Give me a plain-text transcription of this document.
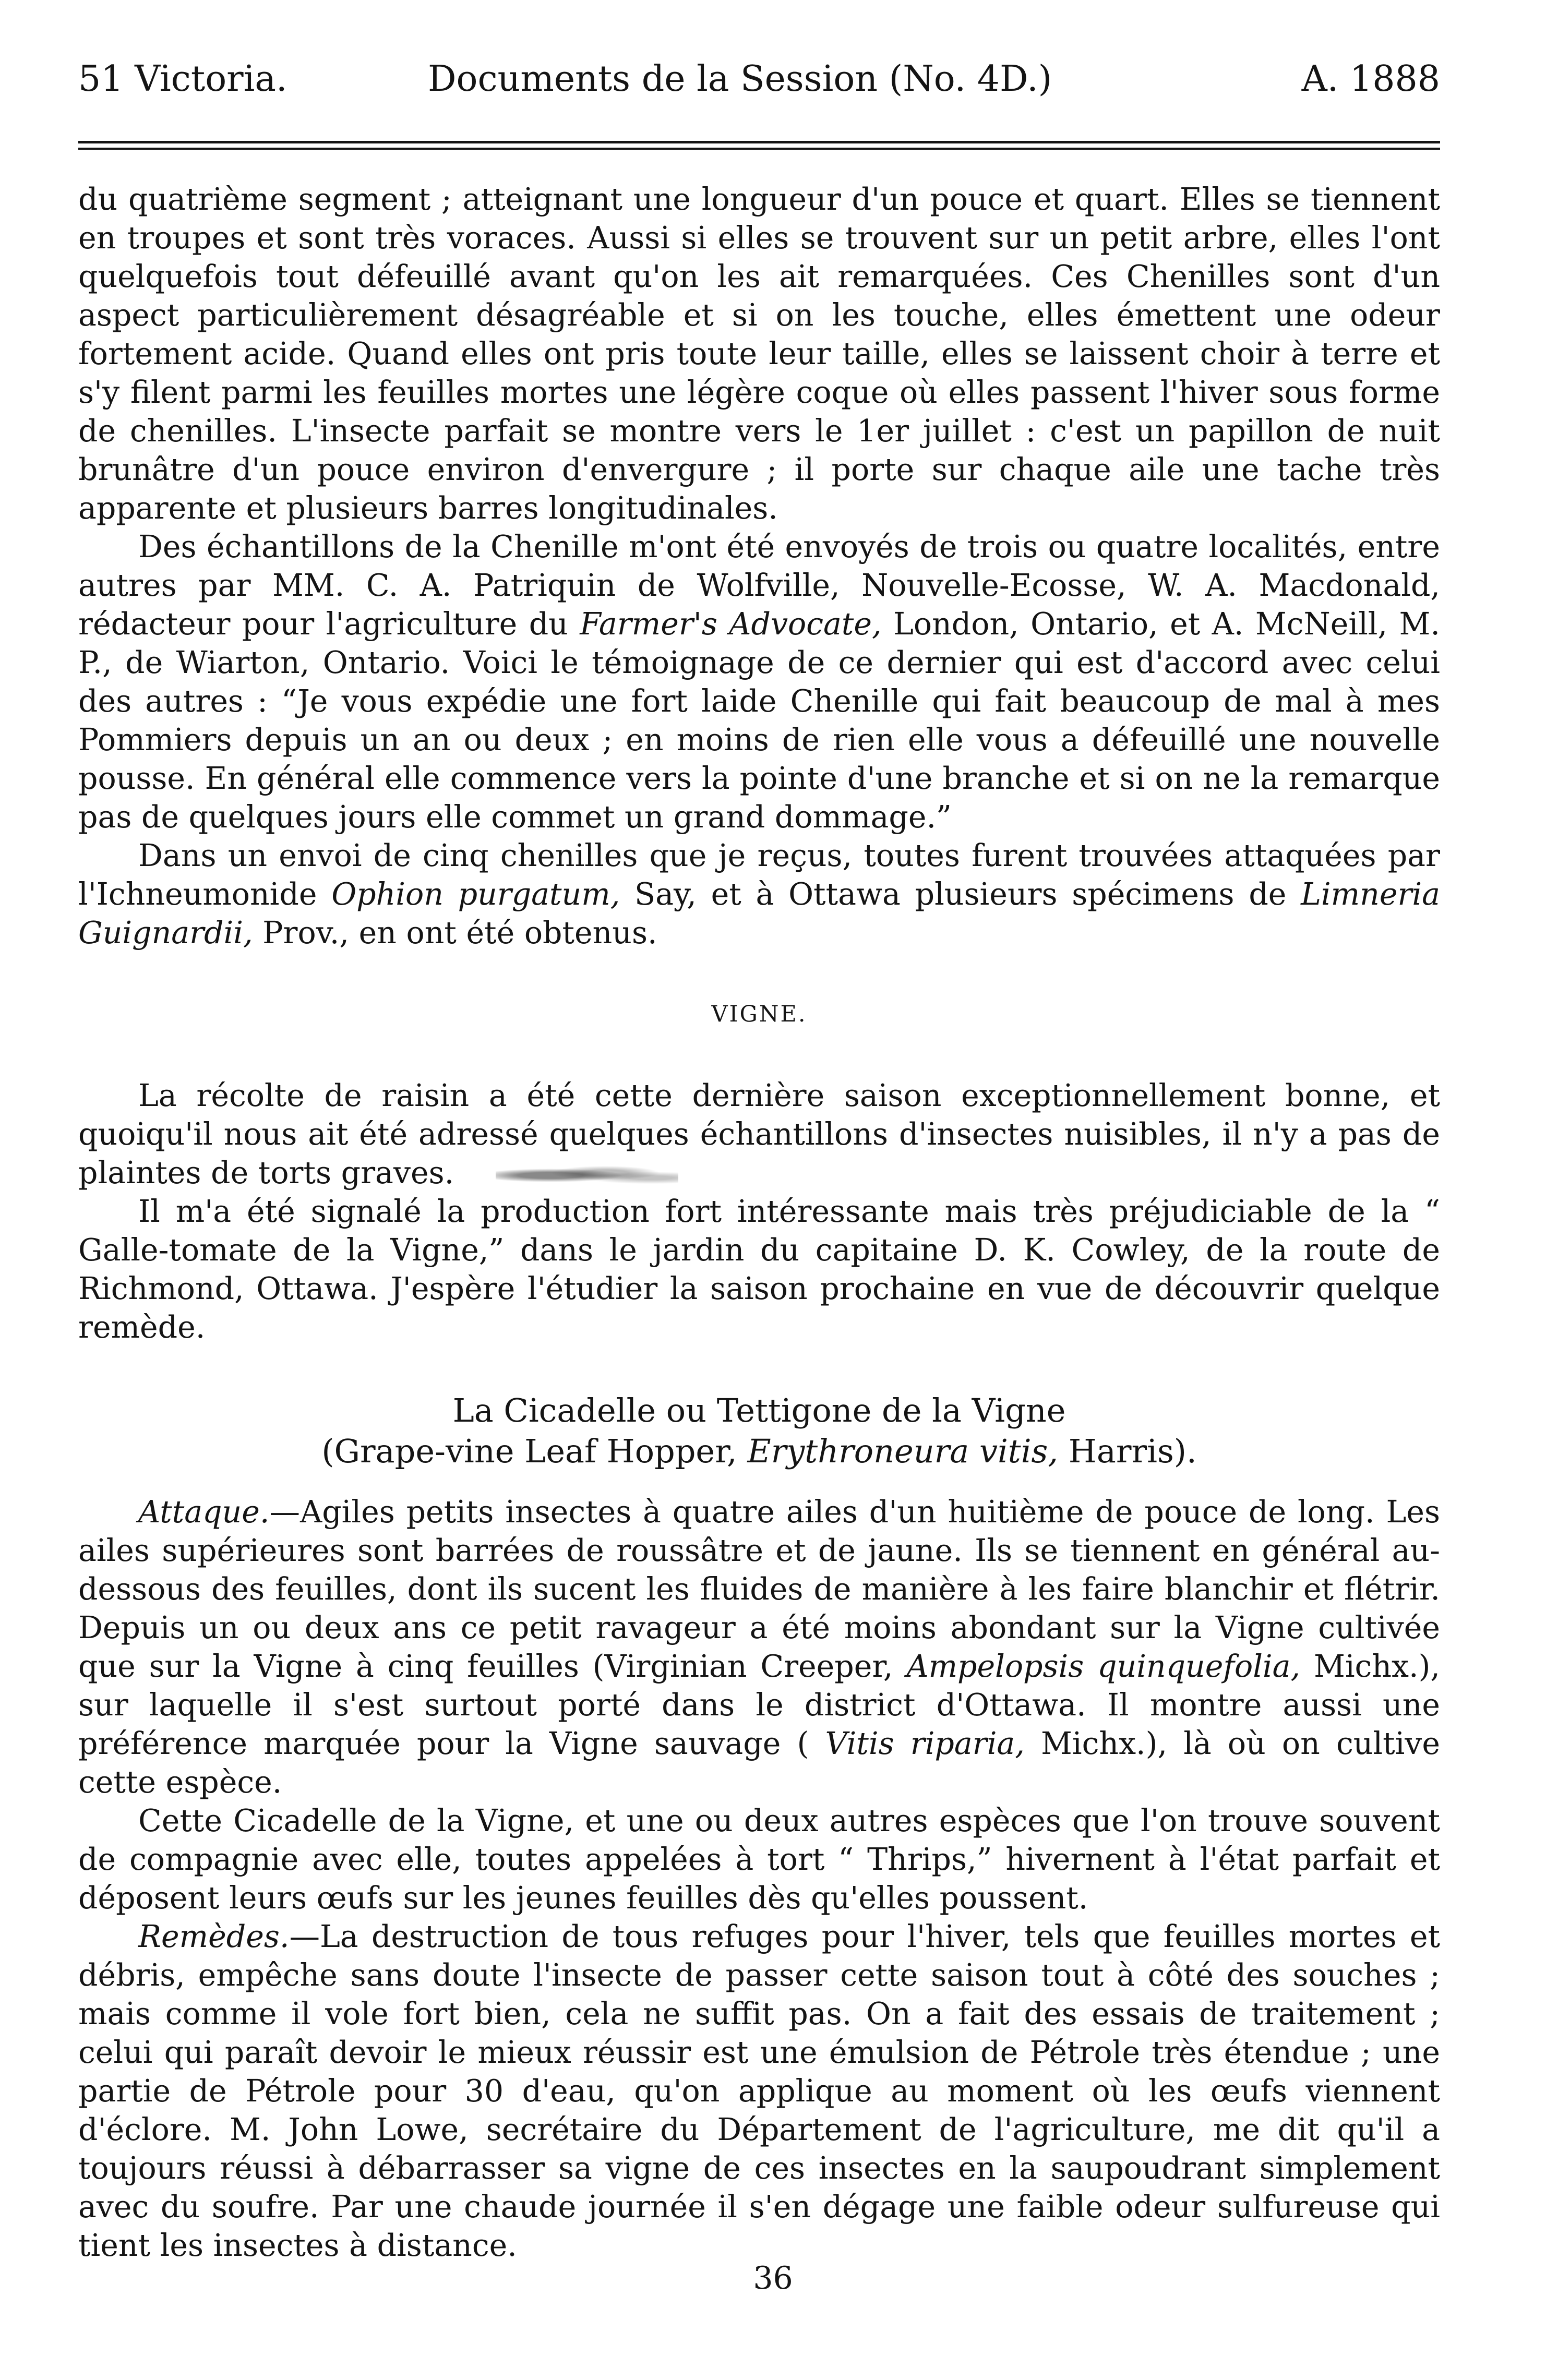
51 Victoria.	Documents de la Session (No. 4D.)	A. 1888

du quatrième segment ; atteignant une longueur d'un pouce et quart. Elles se tiennent en troupes et sont très voraces. Aussi si elles se trouvent sur un petit arbre, elles l'ont quelquefois tout défeuillé avant qu'on les ait remarquées. Ces Chenilles sont d'un aspect particulièrement désagréable et si on les touche, elles émettent une odeur fortement acide. Quand elles ont pris toute leur taille, elles se laissent choir à terre et s'y filent parmi les feuilles mortes une légère coque où elles passent l'hiver sous forme de chenilles. L'insecte parfait se montre vers le 1er juillet : c'est un papillon de nuit brunâtre d'un pouce environ d'envergure ; il porte sur chaque aile une tache très apparente et plusieurs barres longitudinales.

Des échantillons de la Chenille m'ont été envoyés de trois ou quatre localités, entre autres par MM. C. A. Patriquin de Wolfville, Nouvelle-Ecosse, W. A. Macdonald, rédacteur pour l'agriculture du Farmer's Advocate, London, Ontario, et A. McNeill, M. P., de Wiarton, Ontario. Voici le témoignage de ce dernier qui est d'accord avec celui des autres : “Je vous expédie une fort laide Chenille qui fait beaucoup de mal à mes Pommiers depuis un an ou deux ; en moins de rien elle vous a défeuillé une nouvelle pousse. En général elle commence vers la pointe d'une branche et si on ne la remarque pas de quelques jours elle commet un grand dommage.”

Dans un envoi de cinq chenilles que je reçus, toutes furent trouvées attaquées par l'Ichneumonide Ophion purgatum, Say, et à Ottawa plusieurs spécimens de Limneria Guignardii, Prov., en ont été obtenus.

VIGNE.

La récolte de raisin a été cette dernière saison exceptionnellement bonne, et quoiqu'il nous ait été adressé quelques échantillons d'insectes nuisibles, il n'y a pas de plaintes de torts graves.

Il m'a été signalé la production fort intéressante mais très préjudiciable de la “ Galle-tomate de la Vigne,” dans le jardin du capitaine D. K. Cowley, de la route de Richmond, Ottawa. J'espère l'étudier la saison prochaine en vue de découvrir quelque remède.

La Cicadelle ou Tettigone de la Vigne
(Grape-vine Leaf Hopper, Erythroneura vitis, Harris).

Attaque.—Agiles petits insectes à quatre ailes d'un huitième de pouce de long. Les ailes supérieures sont barrées de roussâtre et de jaune. Ils se tiennent en général au-dessous des feuilles, dont ils sucent les fluides de manière à les faire blanchir et flétrir. Depuis un ou deux ans ce petit ravageur a été moins abondant sur la Vigne cultivée que sur la Vigne à cinq feuilles (Virginian Creeper, Ampelopsis quinquefolia, Michx.), sur laquelle il s'est surtout porté dans le district d'Ottawa. Il montre aussi une préférence marquée pour la Vigne sauvage ( Vitis riparia, Michx.), là où on cultive cette espèce.

Cette Cicadelle de la Vigne, et une ou deux autres espèces que l'on trouve souvent de compagnie avec elle, toutes appelées à tort “ Thrips,” hivernent à l'état parfait et déposent leurs œufs sur les jeunes feuilles dès qu'elles poussent.

Remèdes.—La destruction de tous refuges pour l'hiver, tels que feuilles mortes et débris, empêche sans doute l'insecte de passer cette saison tout à côté des souches ; mais comme il vole fort bien, cela ne suffit pas. On a fait des essais de traitement ; celui qui paraît devoir le mieux réussir est une émulsion de Pétrole très étendue ; une partie de Pétrole pour 30 d'eau, qu'on applique au moment où les œufs viennent d'éclore. M. John Lowe, secrétaire du Département de l'agriculture, me dit qu'il a toujours réussi à débarrasser sa vigne de ces insectes en la saupoudrant simplement avec du soufre. Par une chaude journée il s'en dégage une faible odeur sulfureuse qui tient les insectes à distance.

36
